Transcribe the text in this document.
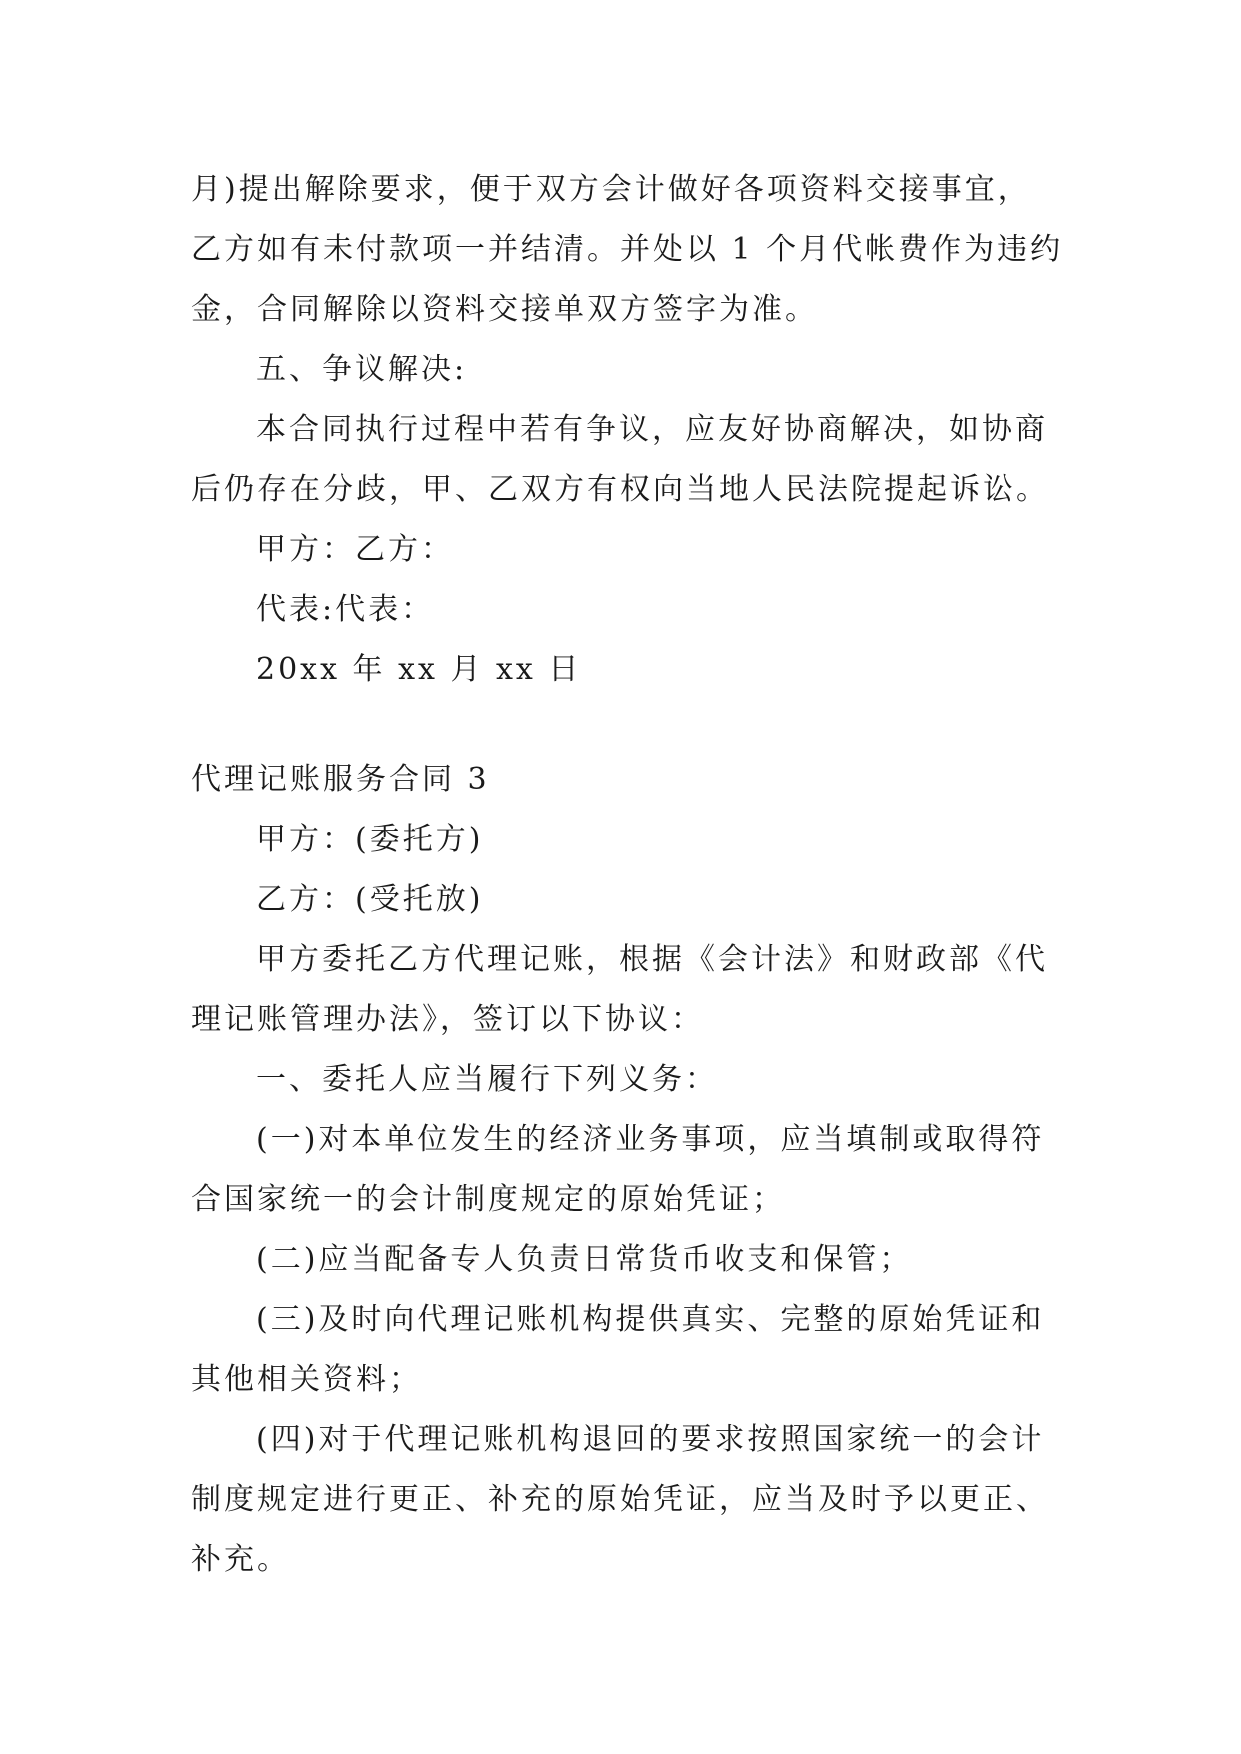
月)提出解除要求，便于双方会计做好各项资料交接事宜，
乙方如有未付款项一并结清。并处以 1 个月代帐费作为违约
金，合同解除以资料交接单双方签字为准。
五、争议解决:
本合同执行过程中若有争议，应友好协商解决，如协商
后仍存在分歧，甲、乙双方有权向当地人民法院提起诉讼。
甲方：乙方：
代表:代表：
20xx 年 xx 月 xx 日
代理记账服务合同 3
甲方：(委托方)
乙方：(受托放)
甲方委托乙方代理记账，根据《会计法》和财政部《代
理记账管理办法》，签订以下协议：
一、委托人应当履行下列义务：
(一)对本单位发生的经济业务事项，应当填制或取得符
合国家统一的会计制度规定的原始凭证；
(二)应当配备专人负责日常货币收支和保管；
(三)及时向代理记账机构提供真实、完整的原始凭证和
其他相关资料；
(四)对于代理记账机构退回的要求按照国家统一的会计
制度规定进行更正、补充的原始凭证，应当及时予以更正、
补充。
